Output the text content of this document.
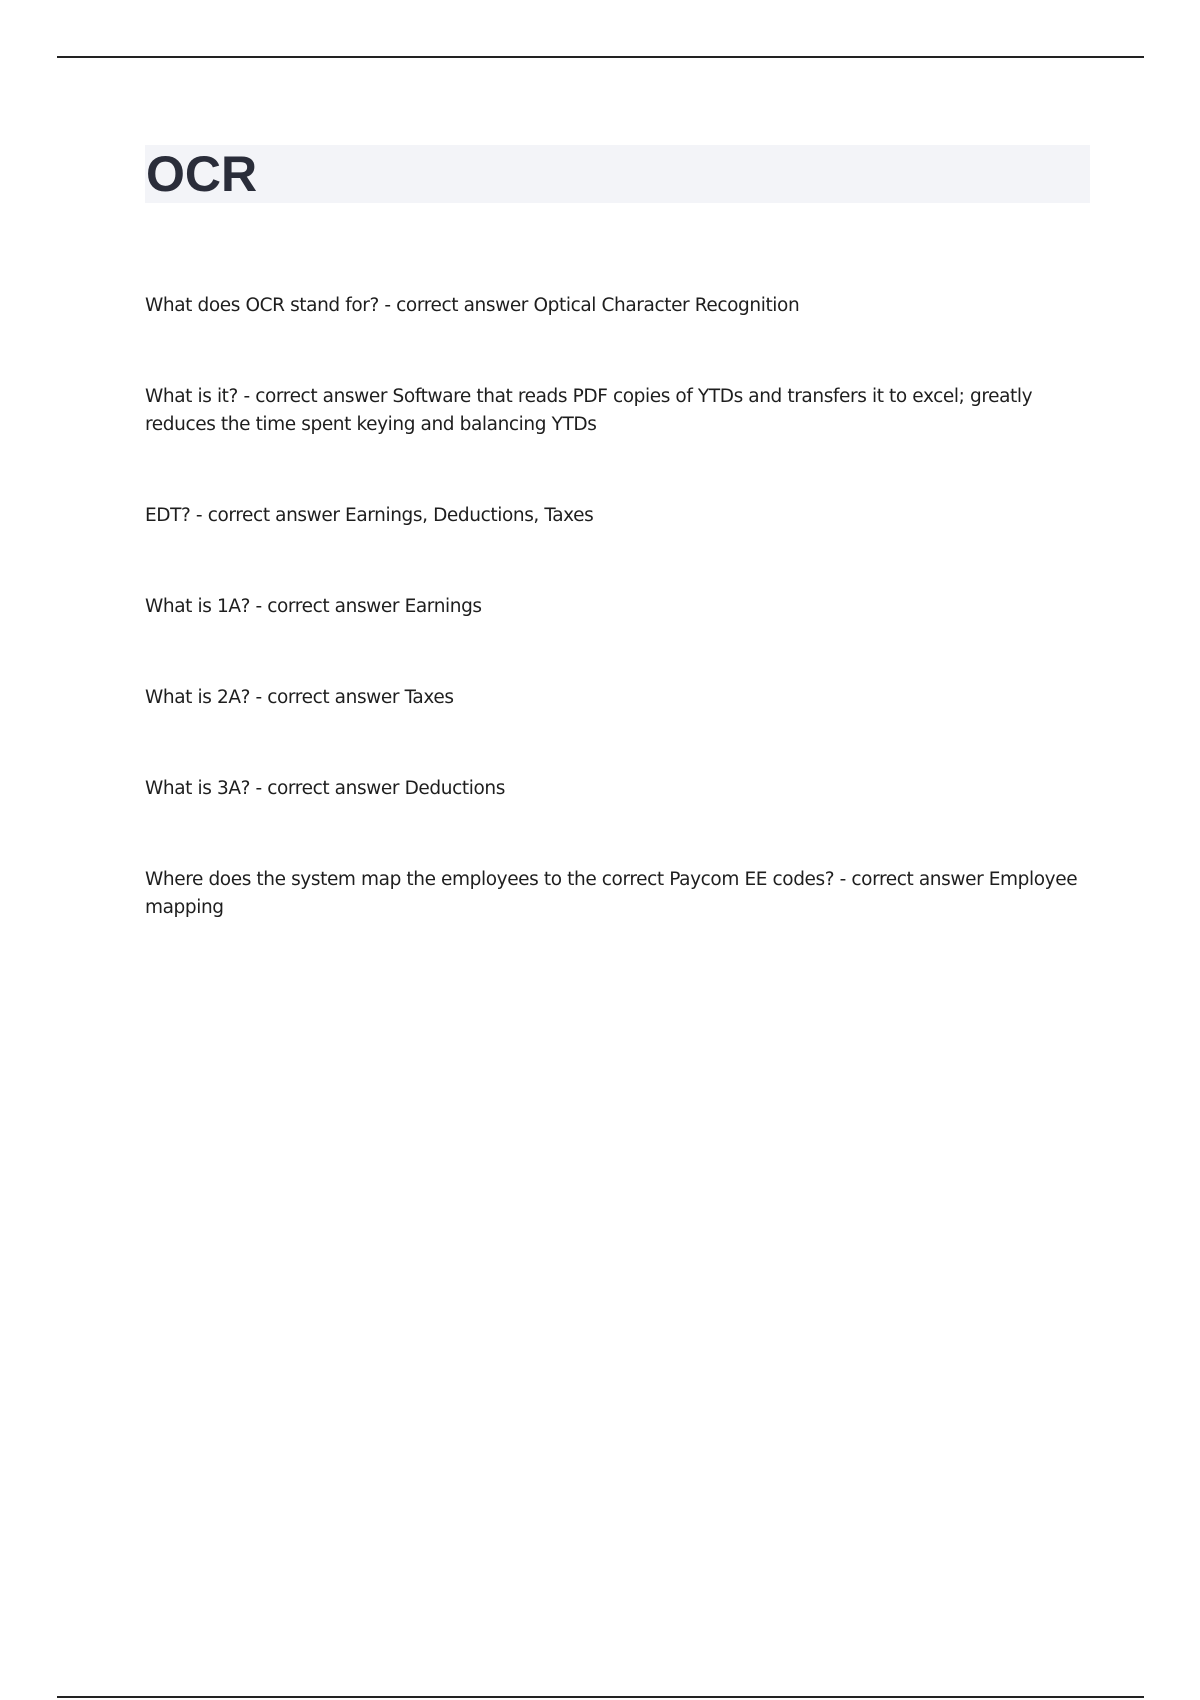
OCR

What does OCR stand for? - correct answer Optical Character Recognition

What is it? - correct answer Software that reads PDF copies of YTDs and transfers it to excel; greatly reduces the time spent keying and balancing YTDs

EDT? - correct answer Earnings, Deductions, Taxes

What is 1A? - correct answer Earnings

What is 2A? - correct answer Taxes

What is 3A? - correct answer Deductions

Where does the system map the employees to the correct Paycom EE codes? - correct answer Employee mapping
